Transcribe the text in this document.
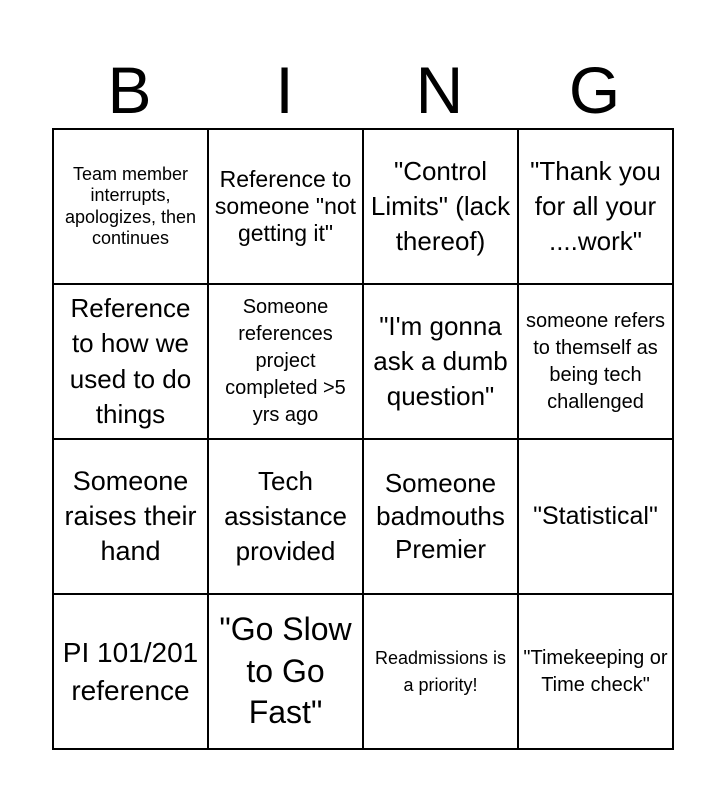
B	I	N	G
Team member interrupts, apologizes, then continues	Reference to someone "not getting it"	"Control Limits" (lack thereof)	"Thank you for all your ....work"
Reference to how we used to do things	Someone references project completed >5 yrs ago	"I'm gonna ask a dumb question"	someone refers to themself as being tech challenged
Someone raises their hand	Tech assistance provided	Someone badmouths Premier	"Statistical"
PI 101/201 reference	"Go Slow to Go Fast"	Readmissions is a priority!	"Timekeeping or Time check"
